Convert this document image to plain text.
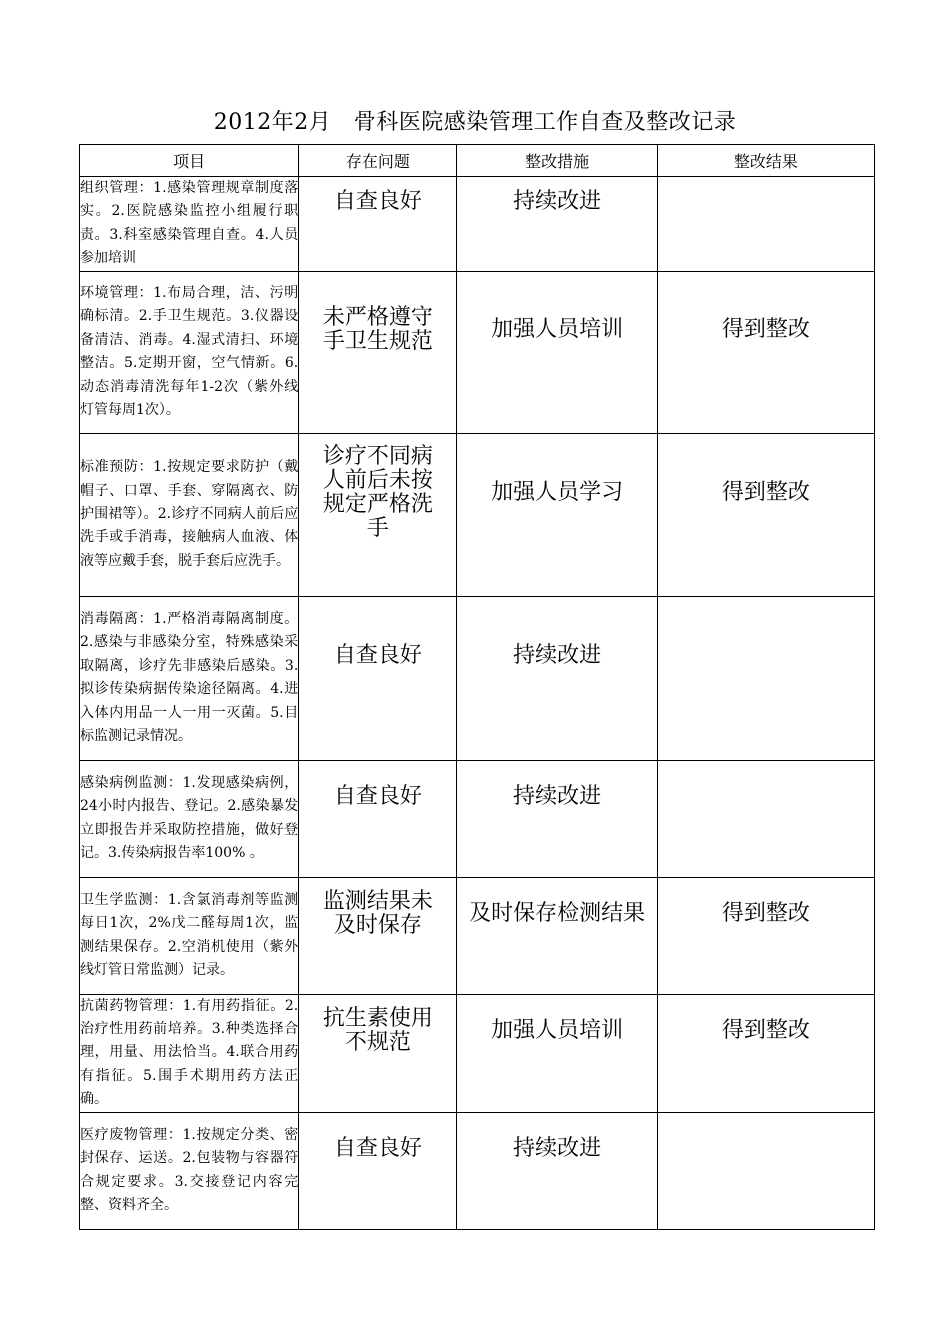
2012年2月　骨科医院感染管理工作自查及整改记录
项目	存在问题	整改措施	整改结果
组织管理：1.感染管理规章制度落实。2.医院感染监控小组履行职责。3.科室感染管理自查。4.人员参加培训	自查良好	持续改进	
环境管理：1.布局合理，洁、污明确标清。2.手卫生规范。3.仪器设备清洁、消毒。4.湿式清扫、环境整洁。5.定期开窗，空气情新。6.动态消毒清洗每年1-2次（紫外线灯管每周1次）。	未严格遵守手卫生规范	加强人员培训	得到整改
标准预防：1.按规定要求防护（戴帽子、口罩、手套、穿隔离衣、防护围裙等）。2.诊疗不同病人前后应洗手或手消毒，接触病人血液、体液等应戴手套，脱手套后应洗手。	诊疗不同病人前后未按规定严格洗手	加强人员学习	得到整改
消毒隔离：1.严格消毒隔离制度。2.感染与非感染分室，特殊感染采取隔离，诊疗先非感染后感染。3.拟诊传染病据传染途径隔离。4.进入体内用品一人一用一灭菌。5.目标监测记录情况。	自查良好	持续改进	
感染病例监测：1.发现感染病例，24小时内报告、登记。2.感染暴发立即报告并采取防控措施，做好登记。3.传染病报告率100% 。	自查良好	持续改进	
卫生学监测：1.含氯消毒剂等监测每日1次，2%戊二醛每周1次，监测结果保存。2.空消机使用（紫外线灯管日常监测）记录。	监测结果未及时保存	及时保存检测结果	得到整改
抗菌药物管理：1.有用药指征。2.治疗性用药前培养。3.种类选择合理，用量、用法恰当。4.联合用药有指征。5.围手术期用药方法正确。	抗生素使用不规范	加强人员培训	得到整改
医疗废物管理：1.按规定分类、密封保存、运送。2.包装物与容器符合规定要求。3.交接登记内容完整、资料齐全。	自查良好	持续改进	
